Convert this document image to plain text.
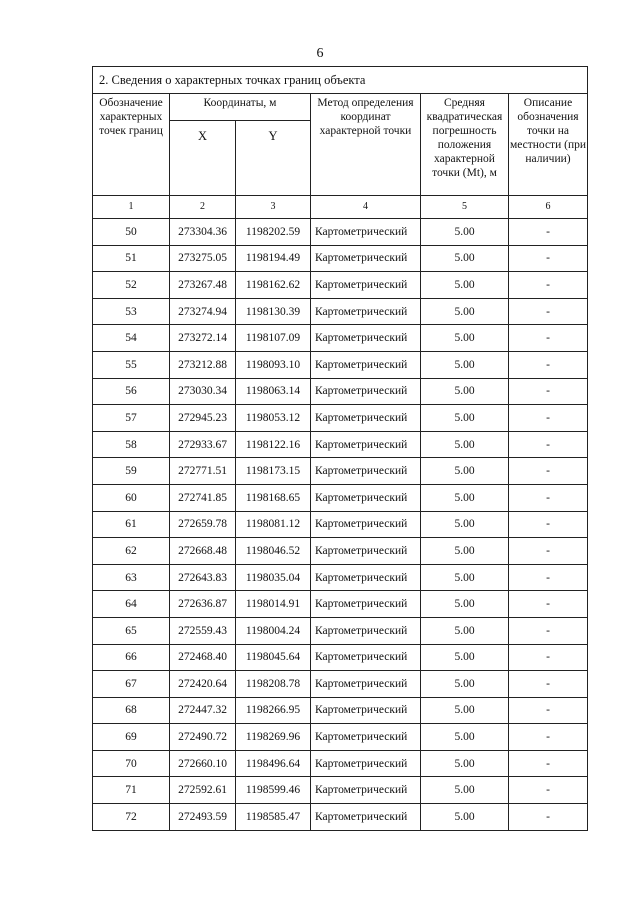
6
2. Сведения о характерных точках границ объекта					
Обозначение характерных точек границ	Координаты, м		Метод определения координат характерной точки	Средняя квадратическая погрешность положения характерной точки (Mt), м	Описание обозначения точки на местности (при наличии)
	X	Y			
1	2	3	4	5	6
50	273304.36	1198202.59	Картометрический	5.00	-
51	273275.05	1198194.49	Картометрический	5.00	-
52	273267.48	1198162.62	Картометрический	5.00	-
53	273274.94	1198130.39	Картометрический	5.00	-
54	273272.14	1198107.09	Картометрический	5.00	-
55	273212.88	1198093.10	Картометрический	5.00	-
56	273030.34	1198063.14	Картометрический	5.00	-
57	272945.23	1198053.12	Картометрический	5.00	-
58	272933.67	1198122.16	Картометрический	5.00	-
59	272771.51	1198173.15	Картометрический	5.00	-
60	272741.85	1198168.65	Картометрический	5.00	-
61	272659.78	1198081.12	Картометрический	5.00	-
62	272668.48	1198046.52	Картометрический	5.00	-
63	272643.83	1198035.04	Картометрический	5.00	-
64	272636.87	1198014.91	Картометрический	5.00	-
65	272559.43	1198004.24	Картометрический	5.00	-
66	272468.40	1198045.64	Картометрический	5.00	-
67	272420.64	1198208.78	Картометрический	5.00	-
68	272447.32	1198266.95	Картометрический	5.00	-
69	272490.72	1198269.96	Картометрический	5.00	-
70	272660.10	1198496.64	Картометрический	5.00	-
71	272592.61	1198599.46	Картометрический	5.00	-
72	272493.59	1198585.47	Картометрический	5.00	-
